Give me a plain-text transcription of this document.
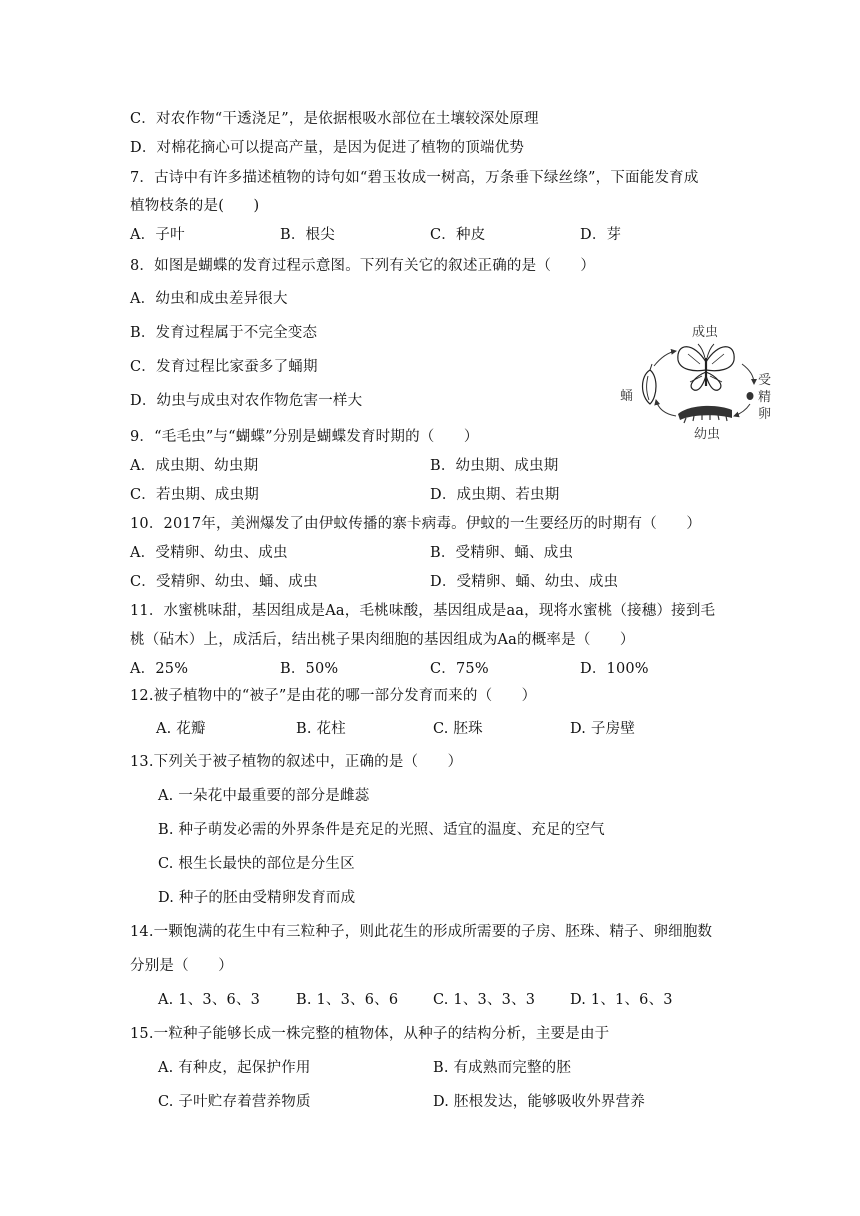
C．对农作物“干透浇足”，是依据根吸水部位在土壤较深处原理
D．对棉花摘心可以提高产量，是因为促进了植物的顶端优势
7．古诗中有许多描述植物的诗句如“碧玉妆成一树高，万条垂下绿丝绦”，下面能发育成
植物枝条的是(　　)
A．子叶	B．根尖	C．种皮	D．芽
8．如图是蝴蝶的发育过程示意图。下列有关它的叙述正确的是（　　）
A．幼虫和成虫差异很大
B．发育过程属于不完全变态
C．发育过程比家蚕多了蛹期
D．幼虫与成虫对农作物危害一样大
成虫
受
精
卵
幼虫
蛹
9．“毛毛虫”与“蝴蝶”分别是蝴蝶发育时期的（　　）
A．成虫期、幼虫期	B．幼虫期、成虫期
C．若虫期、成虫期	D．成虫期、若虫期
10．2017年，美洲爆发了由伊蚊传播的寨卡病毒。伊蚊的一生要经历的时期有（　　）
A．受精卵、幼虫、成虫	B．受精卵、蛹、成虫
C．受精卵、幼虫、蛹、成虫	D．受精卵、蛹、幼虫、成虫
11．水蜜桃味甜，基因组成是Aa，毛桃味酸，基因组成是aa，现将水蜜桃（接穗）接到毛
桃（砧木）上，成活后，结出桃子果肉细胞的基因组成为Aa的概率是（　　）
A．25%	B．50%	C．75%	D．100%
12.被子植物中的“被子”是由花的哪一部分发育而来的（　　）
A. 花瓣	B. 花柱	C. 胚珠	D. 子房壁
13.下列关于被子植物的叙述中，正确的是（　　）
A. 一朵花中最重要的部分是雌蕊
B. 种子萌发必需的外界条件是充足的光照、适宜的温度、充足的空气
C. 根生长最快的部位是分生区
D. 种子的胚由受精卵发育而成
14.一颗饱满的花生中有三粒种子，则此花生的形成所需要的子房、胚珠、精子、卵细胞数
分别是（　　）
A. 1、3、6、3 B. 1、3、6、6 C. 1、3、3、3 D. 1、1、6、3
15.一粒种子能够长成一株完整的植物体，从种子的结构分析，主要是由于
A. 有种皮，起保护作用	B. 有成熟而完整的胚
C. 子叶贮存着营养物质	D. 胚根发达，能够吸收外界营养
